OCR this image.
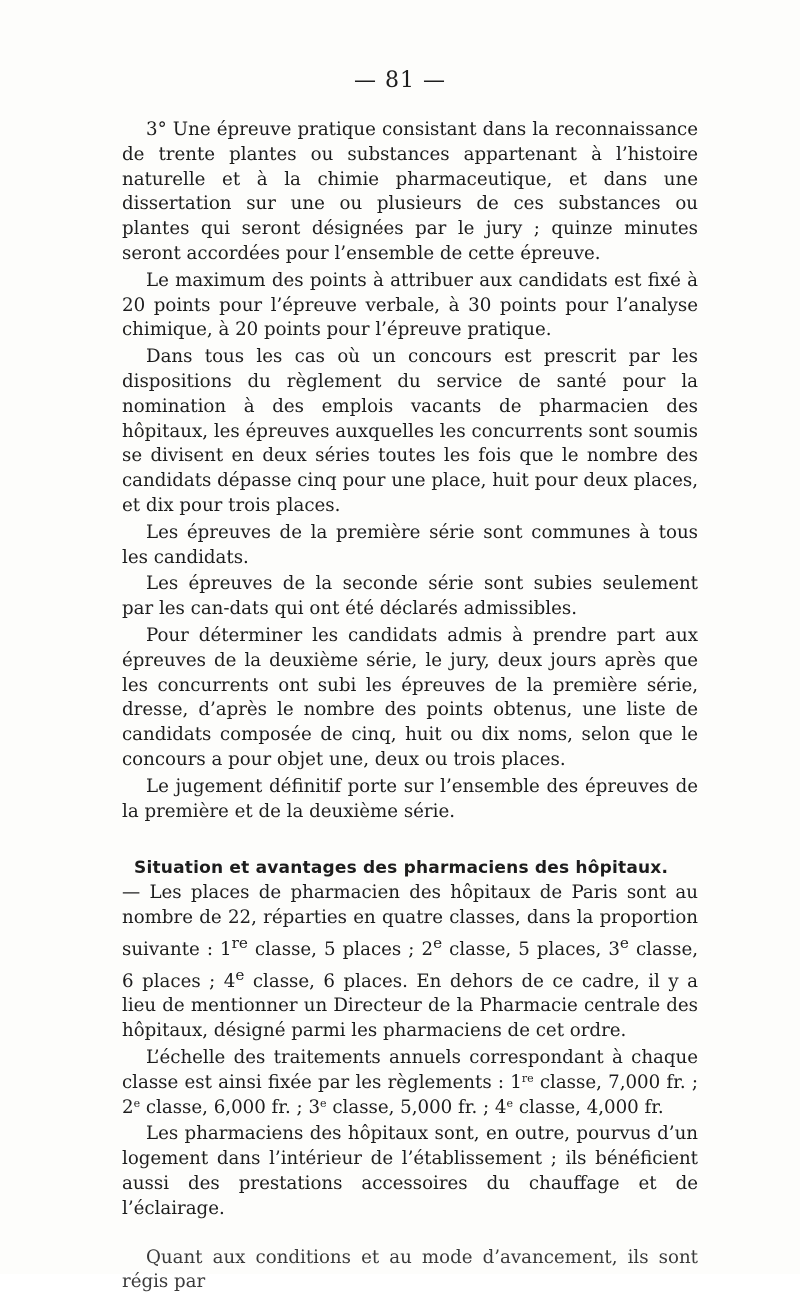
— 81 —

3° Une épreuve pratique consistant dans la reconnaissance de trente plantes ou substances appartenant à l’histoire naturelle et à la chimie pharmaceutique, et dans une dissertation sur une ou plusieurs de ces substances ou plantes qui seront désignées par le jury ; quinze minutes seront accordées pour l’ensemble de cette épreuve.

Le maximum des points à attribuer aux candidats est fixé à 20 points pour l’épreuve verbale, à 30 points pour l’analyse chimique, à 20 points pour l’épreuve pratique.

Dans tous les cas où un concours est prescrit par les dispositions du règlement du service de santé pour la nomination à des emplois vacants de pharmacien des hôpitaux, les épreuves auxquelles les concurrents sont soumis se divisent en deux séries toutes les fois que le nombre des candidats dépasse cinq pour une place, huit pour deux places, et dix pour trois places.

Les épreuves de la première série sont communes à tous les candidats.

Les épreuves de la seconde série sont subies seulement par les can-dats qui ont été déclarés admissibles.

Pour déterminer les candidats admis à prendre part aux épreuves de la deuxième série, le jury, deux jours après que les concurrents ont subi les épreuves de la première série, dresse, d’après le nombre des points obtenus, une liste de candidats composée de cinq, huit ou dix noms, selon que le concours a pour objet une, deux ou trois places.

Le jugement définitif porte sur l’ensemble des épreuves de la première et de la deuxième série.

Situation et avantages des pharmaciens des hôpitaux.
— Les places de pharmacien des hôpitaux de Paris sont au nombre de 22, réparties en quatre classes, dans la proportion suivante : 1re classe, 5 places ; 2e classe, 5 places, 3e classe, 6 places ; 4e classe, 6 places. En dehors de ce cadre, il y a lieu de mentionner un Directeur de la Pharmacie centrale des hôpitaux, désigné parmi les pharmaciens de cet ordre.

L’échelle des traitements annuels correspondant à chaque classe est ainsi fixée par les règlements : 1re classe, 7,000 fr. ; 2e classe, 6,000 fr. ; 3e classe, 5,000 fr. ; 4e classe, 4,000 fr.

Les pharmaciens des hôpitaux sont, en outre, pourvus d’un logement dans l’intérieur de l’établissement ; ils bénéficient aussi des prestations accessoires du chauffage et de l’éclairage.

Quant aux conditions et au mode d’avancement, ils sont régis par
